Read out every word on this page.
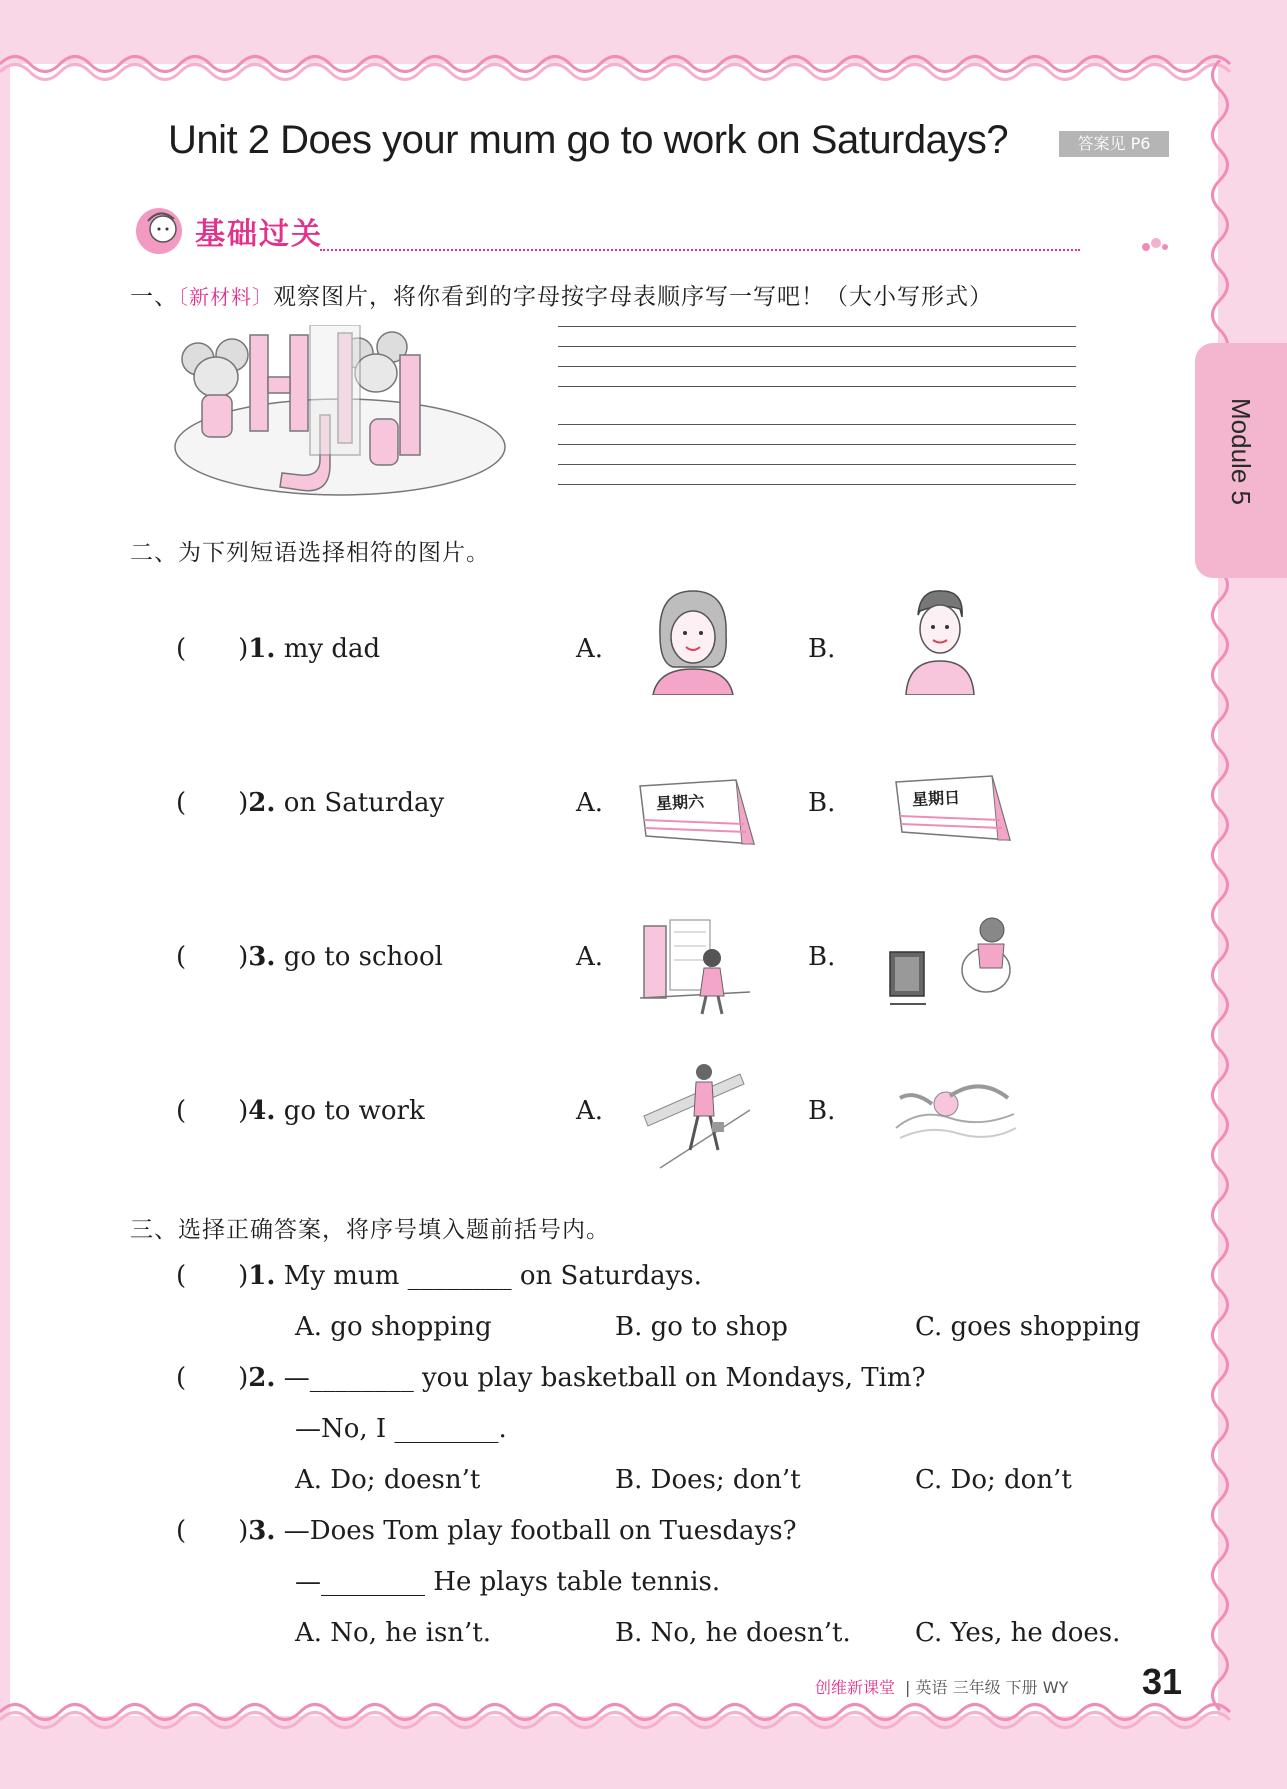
Unit 2 Does your mum go to work on Saturdays?	答案见 P6
Module 5
基础过关
一、〔新材料〕观察图片，将你看到的字母按字母表顺序写一写吧！（大小写形式）
HIJ
二、为下列短语选择相符的图片。
(  )1. my dad	A.	B.
(  )2. on Saturday	A.	B.
星期六	星期日
(  )3. go to school	A.	B.
(  )4. go to work	A.	B.
三、选择正确答案，将序号填入题前括号内。
(  )1. My mum ________ on Saturdays.
A. go shopping	B. go to shop	C. goes shopping
(  )2. —________ you play basketball on Mondays, Tim?
—No, I ________.
A. Do; doesn’t	B. Does; don’t	C. Do; don’t
(  )3. —Does Tom play football on Tuesdays?
—________ He plays table tennis.
A. No, he isn’t.	B. No, he doesn’t. C. Yes, he does.
创维新课堂 | 英语 三年级 下册 WY 31
